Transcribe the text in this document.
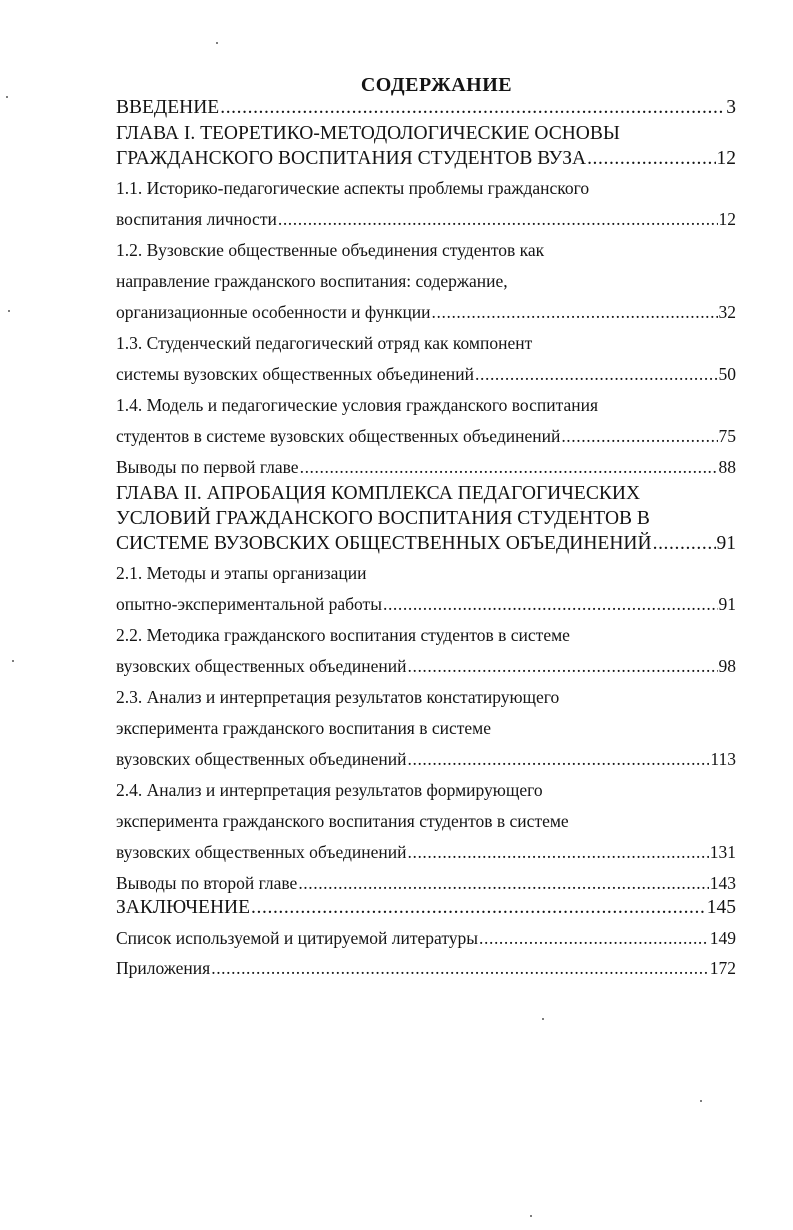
СОДЕРЖАНИЕ
ВВЕДЕНИЕ .....	3
ГЛАВА I. ТЕОРЕТИКО-МЕТОДОЛОГИЧЕСКИЕ ОСНОВЫ
ГРАЖДАНСКОГО ВОСПИТАНИЯ СТУДЕНТОВ ВУЗА .....	12
1.1. Историко-педагогические аспекты проблемы гражданского
воспитания личности .....	12
1.2. Вузовские общественные объединения студентов как
направление гражданского воспитания: содержание,
организационные особенности и функции .....	32
1.3. Студенческий педагогический отряд как компонент
системы вузовских общественных объединений .....	50
1.4. Модель и педагогические условия гражданского воспитания
студентов в системе вузовских общественных объединений .....	75
Выводы по первой главе .....	88
ГЛАВА II. АПРОБАЦИЯ КОМПЛЕКСА ПЕДАГОГИЧЕСКИХ
УСЛОВИЙ ГРАЖДАНСКОГО ВОСПИТАНИЯ СТУДЕНТОВ В
СИСТЕМЕ ВУЗОВСКИХ ОБЩЕСТВЕННЫХ ОБЪЕДИНЕНИЙ .....	91
2.1. Методы и этапы организации
опытно-экспериментальной работы .....	91
2.2. Методика гражданского воспитания студентов в системе
вузовских общественных объединений .....	98
2.3. Анализ и интерпретация результатов констатирующего
эксперимента гражданского воспитания в системе
вузовских общественных объединений .....	113
2.4. Анализ и интерпретация результатов формирующего
эксперимента гражданского воспитания студентов в системе
вузовских общественных объединений .....	131
Выводы по второй главе .....	143
ЗАКЛЮЧЕНИЕ .....	145
Список используемой и цитируемой литературы .....	149
Приложения .....	172
